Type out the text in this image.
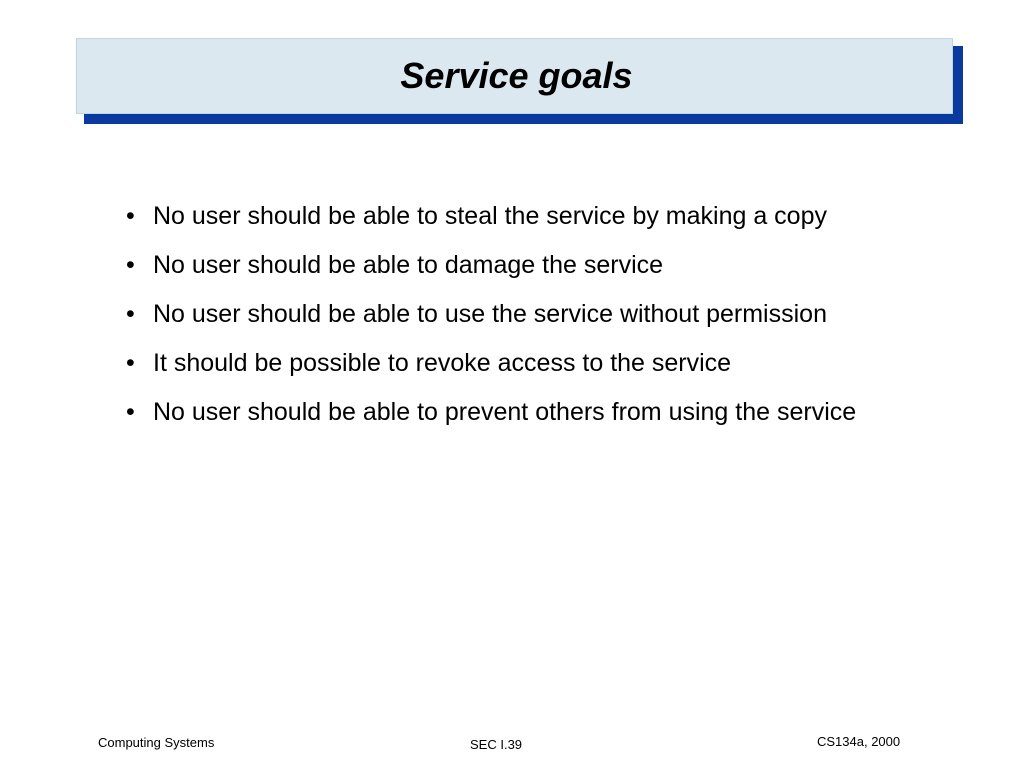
Service goals
• No user should be able to steal the service by making a copy
• No user should be able to damage the service
• No user should be able to use the service without permission
• It should be possible to revoke access to the service
• No user should be able to prevent others from using the service
Computing Systems	SEC I.39	CS134a, 2000
